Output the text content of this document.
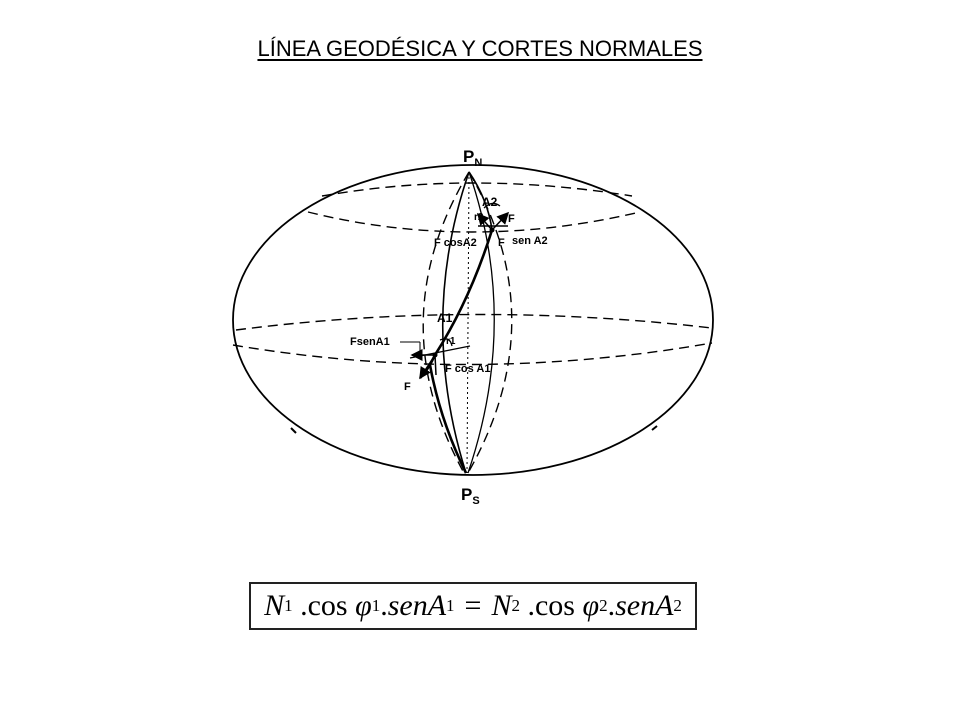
LÍNEA GEODÉSICA Y CORTES NORMALES
$P_N$
$P_S$
A2
r2 F
F cosA2 F sen A2
A1
r1
FsenA1
F cos A1
F
N 1 . cos
φ 1 . senA 1 = N 2 . cos
φ 2 . senA 2
